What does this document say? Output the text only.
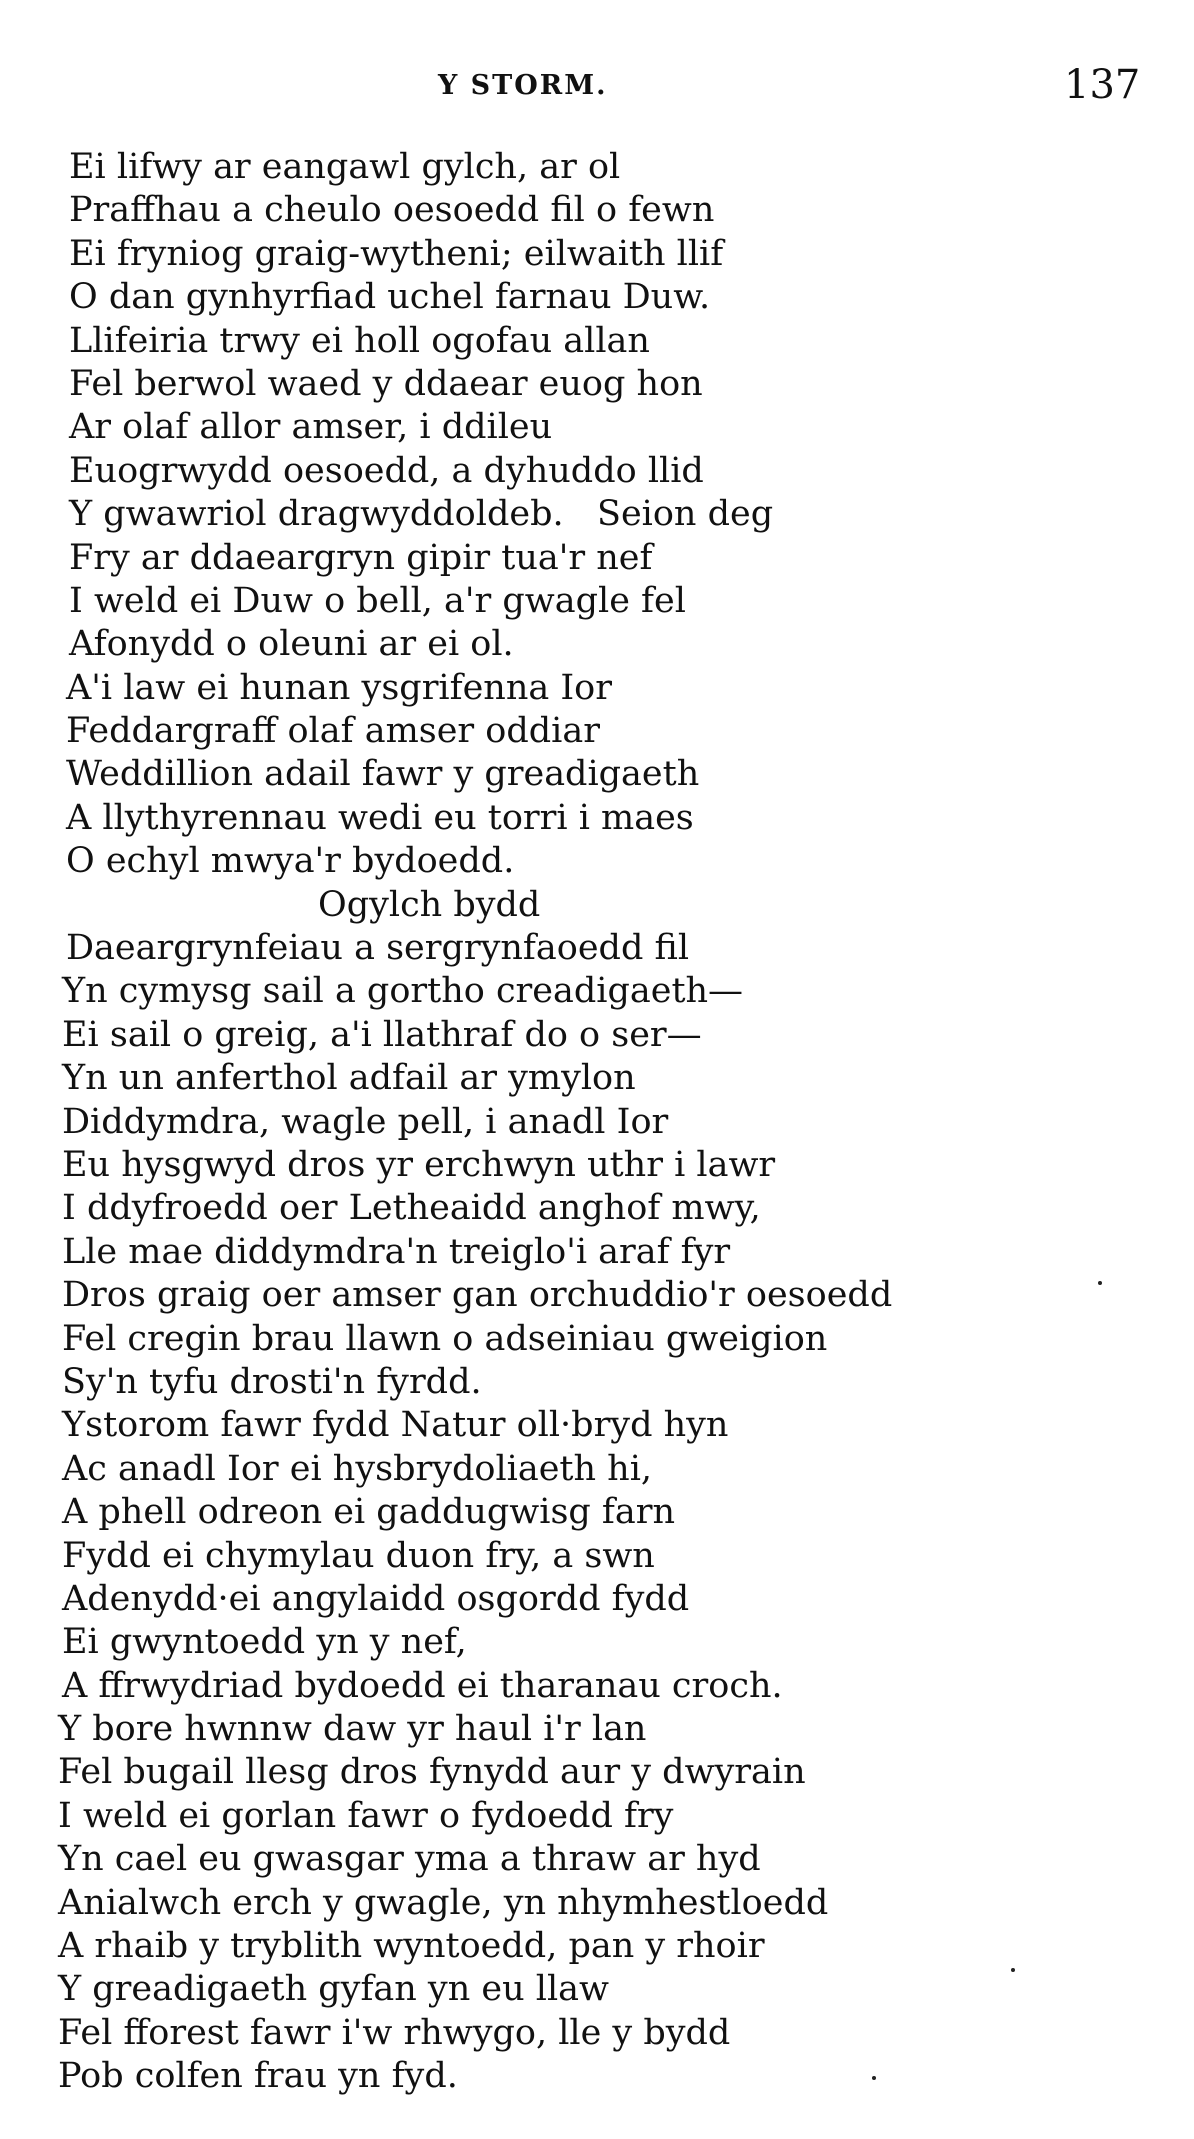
Y STORM.	137
Ei lifwy ar eangawl gylch, ar ol
Praffhau a cheulo oesoedd fil o fewn
Ei fryniog graig-wytheni; eilwaith llif
O dan gynhyrfiad uchel farnau Duw.
Llifeiria trwy ei holl ogofau allan
Fel berwol waed y ddaear euog hon
Ar olaf allor amser, i ddileu
Euogrwydd oesoedd, a dyhuddo llid
Y gwawriol dragwyddoldeb.   Seion deg
Fry ar ddaeargryn gipir tua'r nef
I weld ei Duw o bell, a'r gwagle fel
Afonydd o oleuni ar ei ol.
A'i law ei hunan ysgrifenna Ior
Feddargraff olaf amser oddiar
Weddillion adail fawr y greadigaeth
A llythyrennau wedi eu torri i maes
O echyl mwya'r bydoedd.
Ogylch bydd
Daeargrynfeiau a sergrynfaoedd fil
Yn cymysg sail a gortho creadigaeth—
Ei sail o greig, a'i llathraf do o ser—
Yn un anferthol adfail ar ymylon
Diddymdra, wagle pell, i anadl Ior
Eu hysgwyd dros yr erchwyn uthr i lawr
I ddyfroedd oer Letheaidd anghof mwy,
Lle mae diddymdra'n treiglo'i araf fyr
Dros graig oer amser gan orchuddio'r oesoedd
Fel cregin brau llawn o adseiniau gweigion
Sy'n tyfu drosti'n fyrdd.
Ystorom fawr fydd Natur oll·bryd hyn
Ac anadl Ior ei hysbrydoliaeth hi,
A phell odreon ei gaddugwisg farn
Fydd ei chymylau duon fry, a swn
Adenydd·ei angylaidd osgordd fydd
Ei gwyntoedd yn y nef,
A ffrwydriad bydoedd ei tharanau croch.
Y bore hwnnw daw yr haul i'r lan
Fel bugail llesg dros fynydd aur y dwyrain
I weld ei gorlan fawr o fydoedd fry
Yn cael eu gwasgar yma a thraw ar hyd
Anialwch erch y gwagle, yn nhymhestloedd
A rhaib y tryblith wyntoedd, pan y rhoir
Y greadigaeth gyfan yn eu llaw
Fel fforest fawr i'w rhwygo, lle y bydd
Pob colfen frau yn fyd.
